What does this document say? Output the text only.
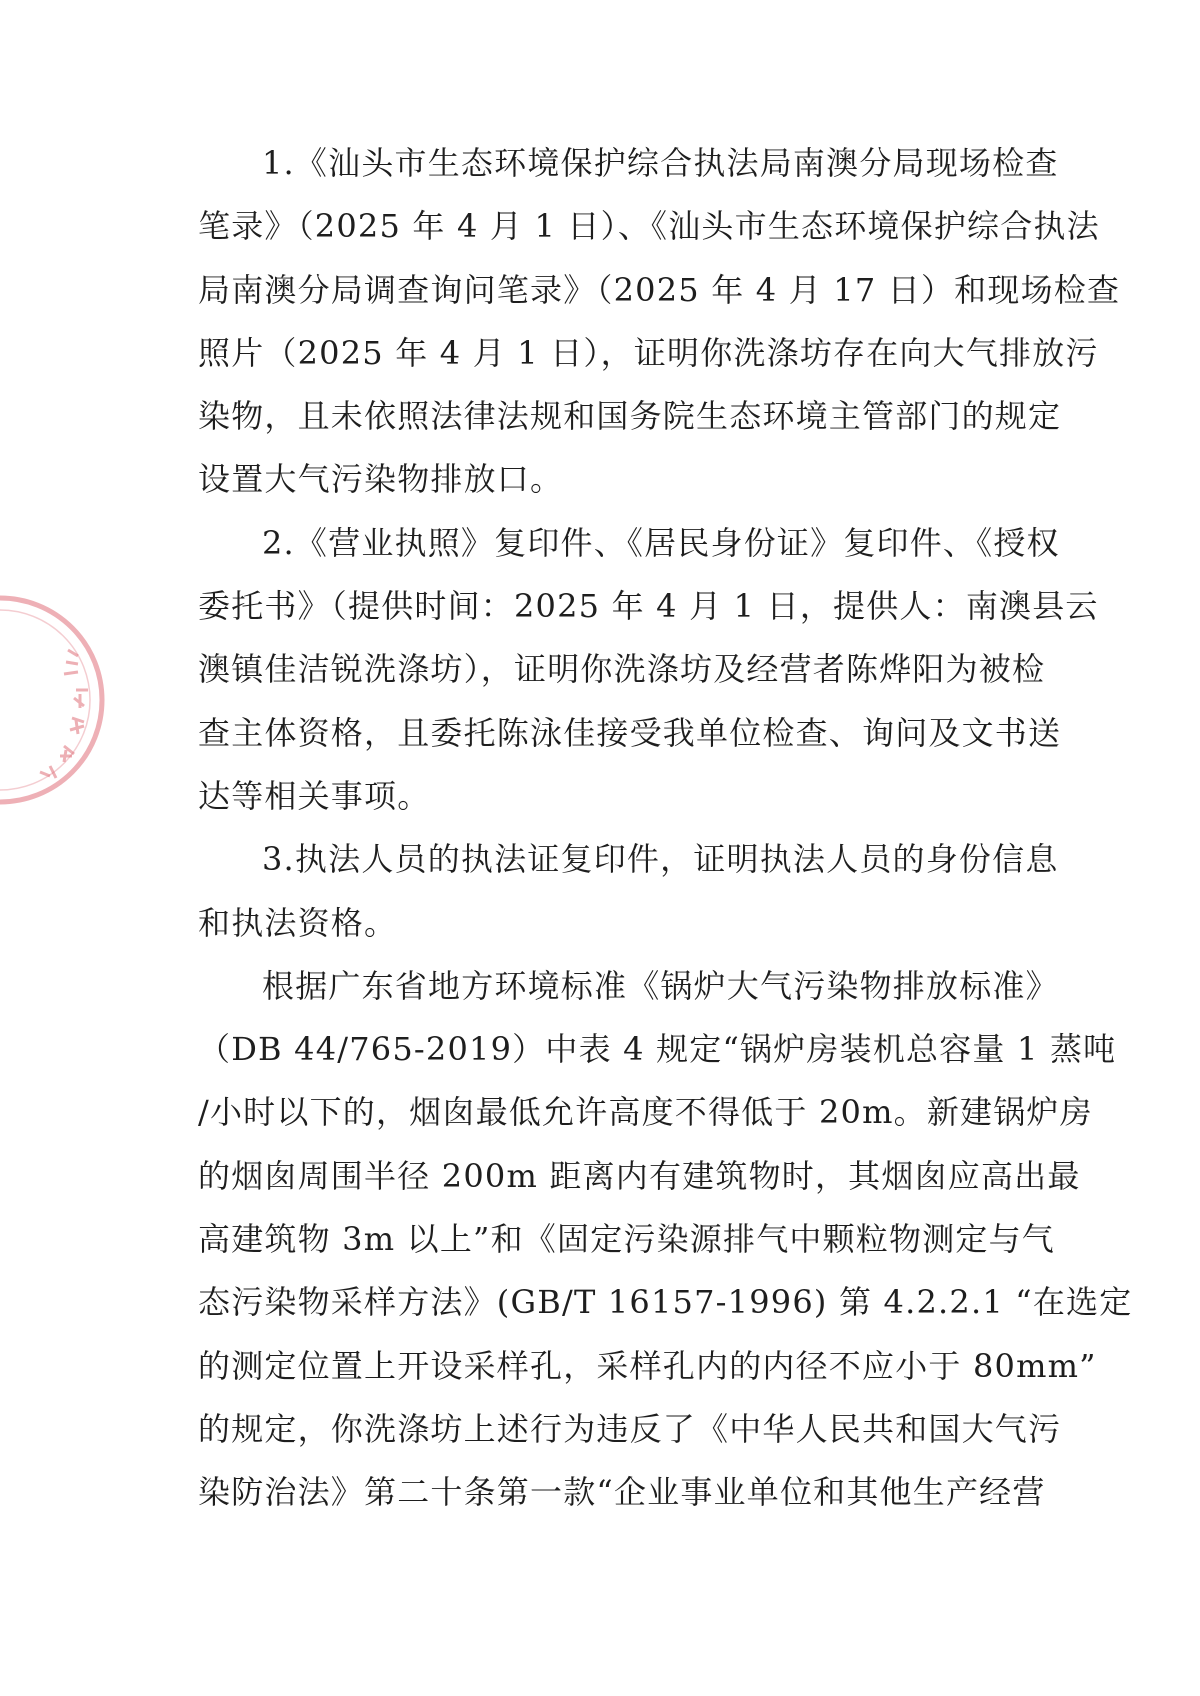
1.《汕头市生态环境保护综合执法局南澳分局现场检查
笔录》（2025 年 4 月 1 日）、《汕头市生态环境保护综合执法
局南澳分局调查询问笔录》（2025 年 4 月 17 日）和现场检查
照片（2025 年 4 月 1 日），证明你洗涤坊存在向大气排放污
染物，且未依照法律法规和国务院生态环境主管部门的规定
设置大气污染物排放口。
2.《营业执照》复印件、《居民身份证》复印件、《授权
委托书》（提供时间：2025 年 4 月 1 日，提供人：南澳县云
澳镇佳洁锐洗涤坊），证明你洗涤坊及经营者陈烨阳为被检
查主体资格，且委托陈泳佳接受我单位检查、询问及文书送
达等相关事项。
3.执法人员的执法证复印件，证明执法人员的身份信息
和执法资格。
根据广东省地方环境标准《锅炉大气污染物排放标准》
（DB 44/765-2019）中表 4 规定“锅炉房装机总容量 1 蒸吨
/小时以下的，烟囱最低允许高度不得低于 20m。新建锅炉房
的烟囱周围半径 200m 距离内有建筑物时，其烟囱应高出最
高建筑物 3m 以上”和《固定污染源排气中颗粒物测定与气
态污染物采样方法》(GB/T 16157-1996) 第 4.2.2.1 “在选定
的测定位置上开设采样孔，采样孔内的内径不应小于 80mm”
的规定，你洗涤坊上述行为违反了《中华人民共和国大气污
染防治法》第二十条第一款“企业事业单位和其他生产经营
